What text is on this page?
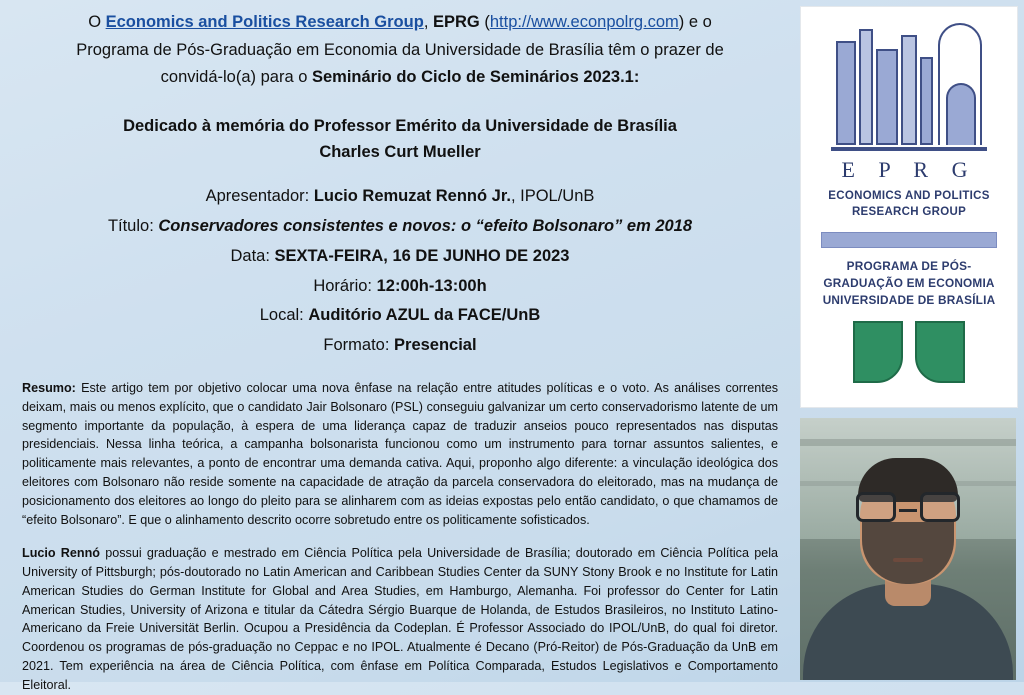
O Economics and Politics Research Group, EPRG (http://www.econpolrg.com) e o
Programa de Pós-Graduação em Economia da Universidade de Brasília têm o prazer de
convidá-lo(a) para o Seminário do Ciclo de Seminários 2023.1:
Dedicado à memória do Professor Emérito da Universidade de Brasília
Charles Curt Mueller
Apresentador: Lucio Remuzat Rennó Jr., IPOL/UnB
Título: Conservadores consistentes e novos: o “efeito Bolsonaro” em 2018
Data: SEXTA-FEIRA, 16 DE JUNHO DE 2023
Horário: 12:00h-13:00h
Local: Auditório AZUL da FACE/UnB
Formato: Presencial

Resumo: Este artigo tem por objetivo colocar uma nova ênfase na relação entre atitudes políticas e o voto. As análises correntes deixam, mais ou menos explícito, que o candidato Jair Bolsonaro (PSL) conseguiu galvanizar um certo conservadorismo latente de um segmento importante da população, à espera de uma liderança capaz de traduzir anseios pouco representados nas disputas presidenciais. Nessa linha teórica, a campanha bolsonarista funcionou como um instrumento para tornar assuntos salientes, e politicamente mais relevantes, a ponto de encontrar uma demanda cativa. Aqui, proponho algo diferente: a vinculação ideológica dos eleitores com Bolsonaro não reside somente na capacidade de atração da parcela conservadora do eleitorado, mas na mudança de posicionamento dos eleitores ao longo do pleito para se alinharem com as ideias expostas pelo então candidato, o que chamamos de “efeito Bolsonaro”. E que o alinhamento descrito ocorre sobretudo entre os politicamente sofisticados.

Lucio Rennó possui graduação e mestrado em Ciência Política pela Universidade de Brasília; doutorado em Ciência Política pela University of Pittsburgh; pós-doutorado no Latin American and Caribbean Studies Center da SUNY Stony Brook e no Institute for Latin American Studies do German Institute for Global and Area Studies, em Hamburgo, Alemanha. Foi professor do Center for Latin American Studies, University of Arizona e titular da Cátedra Sérgio Buarque de Holanda, de Estudos Brasileiros, no Instituto Latino-Americano da Freie Universität Berlin. Ocupou a Presidência da Codeplan. É Professor Associado do IPOL/UnB, do qual foi diretor. Coordenou os programas de pós-graduação no Ceppac e no IPOL. Atualmente é Decano (Pró-Reitor) de Pós-Graduação da UnB em 2021. Tem experiência na área de Ciência Política, com ênfase em Política Comparada, Estudos Legislativos e Comportamento Eleitoral.

E P R G
ECONOMICS AND POLITICS
RESEARCH GROUP
PROGRAMA DE PÓS-
GRADUAÇÃO EM ECONOMIA
UNIVERSIDADE DE BRASÍLIA
